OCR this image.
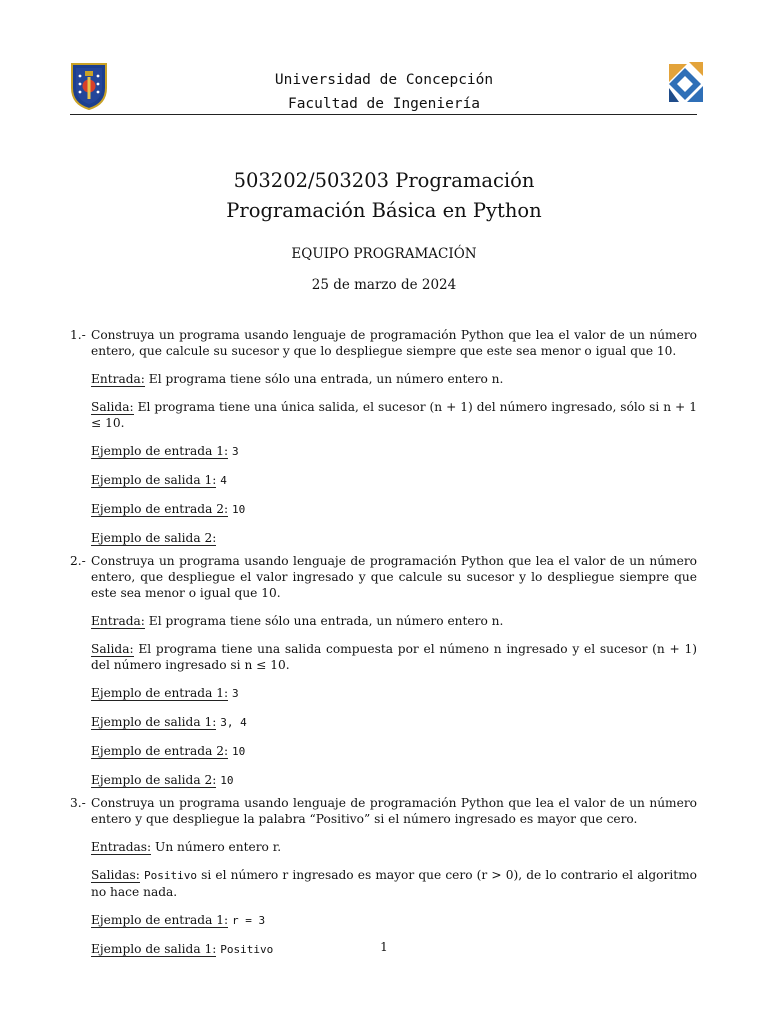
Universidad de Concepción
Facultad de Ingeniería
503202/503203 Programación
Programación Básica en Python
EQUIPO PROGRAMACIÓN
25 de marzo de 2024
1.- Construya un programa usando lenguaje de programación Python que lea el valor de un número entero, que calcule su sucesor y que lo despliegue siempre que este sea menor o igual que 10.

Entrada: El programa tiene sólo una entrada, un número entero n.

Salida: El programa tiene una única salida, el sucesor (n + 1) del número ingresado, sólo si n + 1 ≤ 10.

Ejemplo de entrada 1: 3

Ejemplo de salida 1: 4

Ejemplo de entrada 2: 10

Ejemplo de salida 2:

2.- Construya un programa usando lenguaje de programación Python que lea el valor de un número entero, que despliegue el valor ingresado y que calcule su sucesor y lo despliegue siempre que este sea menor o igual que 10.

Entrada: El programa tiene sólo una entrada, un número entero n.

Salida: El programa tiene una salida compuesta por el númeno n ingresado y el sucesor (n + 1) del número ingresado si n ≤ 10.

Ejemplo de entrada 1: 3

Ejemplo de salida 1: 3, 4

Ejemplo de entrada 2: 10

Ejemplo de salida 2: 10

3.- Construya un programa usando lenguaje de programación Python que lea el valor de un número entero y que despliegue la palabra “Positivo” si el número ingresado es mayor que cero.

Entradas: Un número entero r.

Salidas: Positivo si el número r ingresado es mayor que cero (r > 0), de lo contrario el algoritmo no hace nada.

Ejemplo de entrada 1: r = 3

Ejemplo de salida 1: Positivo	1
